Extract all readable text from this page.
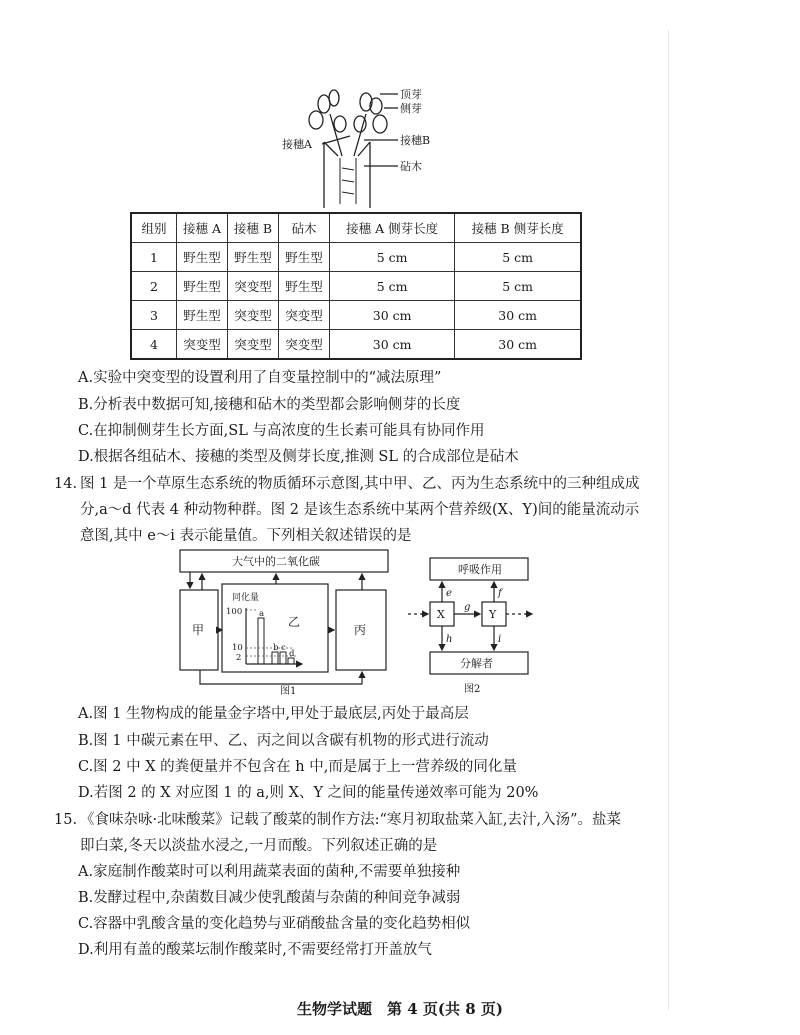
顶芽
侧芽
接穗A	接穗B
砧木
组别	接穗 A	接穗 B	砧木	接穗 A 侧芽长度	接穗 B 侧芽长度
1	野生型	野生型	野生型	5 cm	5 cm
2	野生型	突变型	野生型	5 cm	5 cm
3	野生型	突变型	突变型	30 cm	30 cm
4	突变型	突变型	突变型	30 cm	30 cm
A.实验中突变型的设置利用了自变量控制中的“减法原理”
B.分析表中数据可知,接穗和砧木的类型都会影响侧芽的长度
C.在抑制侧芽生长方面,SL 与高浓度的生长素可能具有协同作用
D.根据各组砧木、接穗的类型及侧芽长度,推测 SL 的合成部位是砧木
14. 图 1 是一个草原生态系统的物质循环示意图,其中甲、乙、丙为生态系统中的三种组成成
分,a～d 代表 4 种动物种群。图 2 是该生态系统中某两个营养级(X、Y)间的能量流动示
意图,其中 e～i 表示能量值。下列相关叙述错误的是
大气中的二氧化碳
甲	丙
乙
同化量
100
10
2
a
b c
d
图1
呼吸作用
X	Y
分解者
e	f
g
h	i
图2
A.图 1 生物构成的能量金字塔中,甲处于最底层,丙处于最高层
B.图 1 中碳元素在甲、乙、丙之间以含碳有机物的形式进行流动
C.图 2 中 X 的粪便量并不包含在 h 中,而是属于上一营养级的同化量
D.若图 2 的 X 对应图 1 的 a,则 X、Y 之间的能量传递效率可能为 20%
15. 《食味杂咏·北味酸菜》记载了酸菜的制作方法:“寒月初取盐菜入缸,去汁,入汤”。盐菜
即白菜,冬天以淡盐水浸之,一月而酸。下列叙述正确的是
A.家庭制作酸菜时可以利用蔬菜表面的菌种,不需要单独接种
B.发酵过程中,杂菌数目减少使乳酸菌与杂菌的种间竞争减弱
C.容器中乳酸含量的变化趋势与亚硝酸盐含量的变化趋势相似
D.利用有盖的酸菜坛制作酸菜时,不需要经常打开盖放气
生物学试题　第 4 页(共 8 页)
